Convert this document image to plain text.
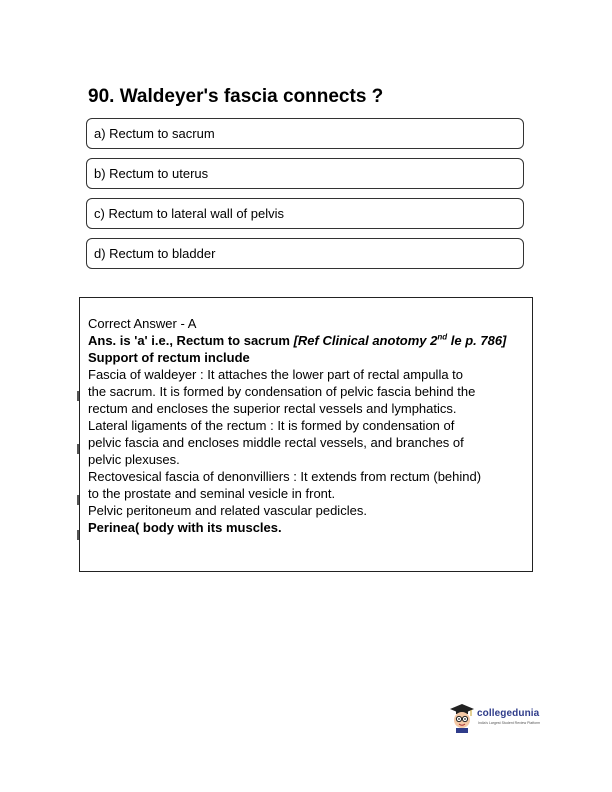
90. Waldeyer's fascia connects ?
a) Rectum to sacrum
b) Rectum to uterus
c) Rectum to lateral wall of pelvis
d) Rectum to bladder

Correct Answer - A

Ans. is 'a' i.e., Rectum to sacrum [Ref Clinical anotomy 2nd le p. 786]

Support of rectum include

Fascia of waldeyer : It attaches the lower part of rectal ampulla to

the sacrum. It is formed by condensation of pelvic fascia behind the

rectum and encloses the superior rectal vessels and lymphatics.

Lateral ligaments of the rectum : It is formed by condensation of

pelvic fascia and encloses middle rectal vessels, and branches of

pelvic plexuses.

Rectovesical fascia of denonvilliers : It extends from rectum (behind)

to the prostate and seminal vesicle in front.

Pelvic peritoneum and related vascular pedicles.

Perinea( body with its muscles.

collegedunia
India's Largest Student Review Platform
